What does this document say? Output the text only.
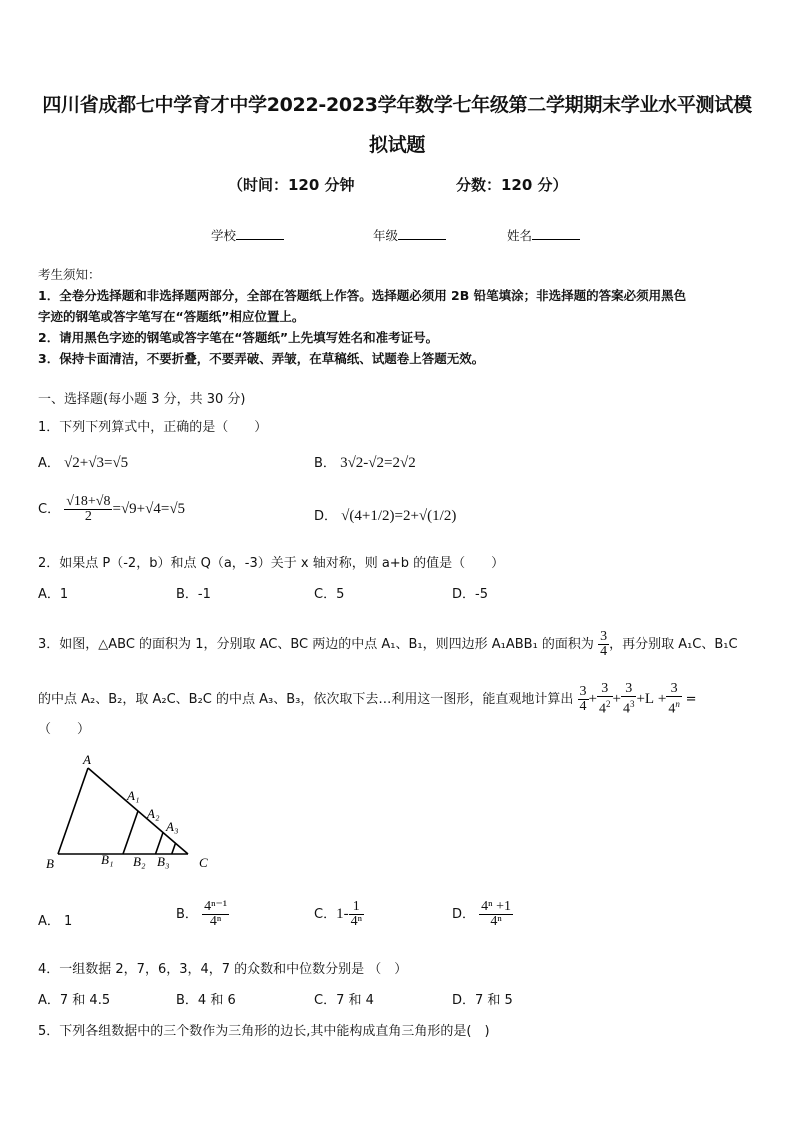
四川省成都七中学育才中学2022-2023学年数学七年级第二学期期末学业水平测试模
拟试题
（时间：120 分钟	分数：120 分）
学校	年级	姓名
考生须知：
1．全卷分选择题和非选择题两部分，全部在答题纸上作答。选择题必须用 2B 铅笔填涂；非选择题的答案必须用黑色
字迹的钢笔或答字笔写在“答题纸”相应位置上。
2．请用黑色字迹的钢笔或答字笔在“答题纸”上先填写姓名和准考证号。
3．保持卡面清洁，不要折叠，不要弄破、弄皱，在草稿纸、试题卷上答题无效。
一、选择题(每小题 3 分，共 30 分)
1．下列下列算式中，正确的是（　　）
A． √2+√3=√5	B． 3√2-√2=2√2
C． $\frac{√18+√8}{2} =√9+√4=√5$	D． √(4+1/2)=2+√(1/2)
2．如果点 P（-2，b）和点 Q（a，-3）关于 x 轴对称，则 a+b 的值是（　　）
A．1	B．-1	C．5	D．-5
3．如图，△ABC 的面积为 1，分别取 AC、BC 两边的中点 A₁、B₁，则四边形 A₁ABB₁ 的面积为 $\frac{3}{4}$ ，再分别取 A₁C、B₁C
的中点 A₂、B₂，取 A₂C、B₂C 的中点 A₃、B₃，依次取下去…利用这一图形，能直观地计算出 $\frac{3}{4} + \frac{3}{4^2} + \frac{3}{4^3} +L + \frac{3}{4^n}$ =
（　　）
A
A₁
A₂
A₃
B	B₁ B₂ B₃ C
A． 1	B． $\frac{\text{4ⁿ⁻¹}}{\text{4ⁿ}}$	C．$1- \frac{1}{\text{4ⁿ}}$	D． $\frac{\text{4ⁿ +1}}{\text{4ⁿ}}$
4．一组数据 2，7，6，3，4，7 的众数和中位数分别是 （　）
A．7 和 4.5	B．4 和 6	C．7 和 4	D．7 和 5
5．下列各组数据中的三个数作为三角形的边长,其中能构成直角三角形的是(　)
